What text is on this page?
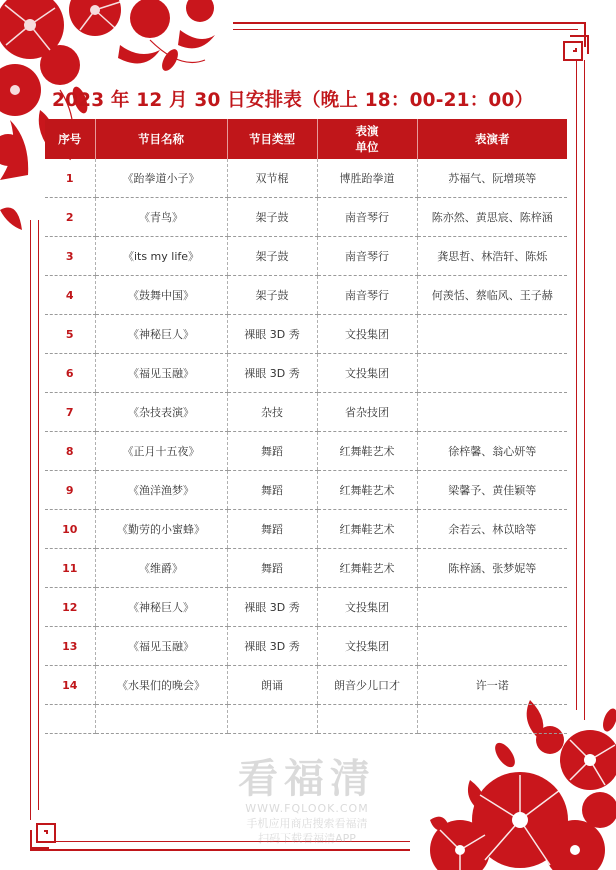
2023 年 12 月 30 日安排表（晚上 18：00-21：00）
序号	节目名称	节目类型	表演
单位	表演者
1	《跆拳道小子》	双节棍	博胜跆拳道	苏福气、阮增瑛等
2	《青鸟》	架子鼓	南音琴行	陈亦然、黄思宸、陈梓涵
3	《its my life》	架子鼓	南音琴行	龚思哲、林浩轩、陈烁
4	《鼓舞中国》	架子鼓	南音琴行	何羡恬、蔡临风、王子赫
5	《神秘巨人》	裸眼 3D 秀	文投集团	
6	《福见玉融》	裸眼 3D 秀	文投集团	
7	《杂技表演》	杂技	省杂技团	
8	《正月十五夜》	舞蹈	红舞鞋艺术	徐梓馨、翁心妍等
9	《渔洋渔梦》	舞蹈	红舞鞋艺术	梁馨予、黄佳颖等
10	《勤劳的小蜜蜂》	舞蹈	红舞鞋艺术	余若云、林苡晗等
11	《维爵》	舞蹈	红舞鞋艺术	陈梓涵、张梦妮等
12	《神秘巨人》	裸眼 3D 秀	文投集团	
13	《福见玉融》	裸眼 3D 秀	文投集团	
14	《水果们的晚会》	朗诵	朗音少儿口才	许一诺

看福清
WWW.FQLOOK.COM
手机应用商店搜索看福清
扫码下载看福清APP
